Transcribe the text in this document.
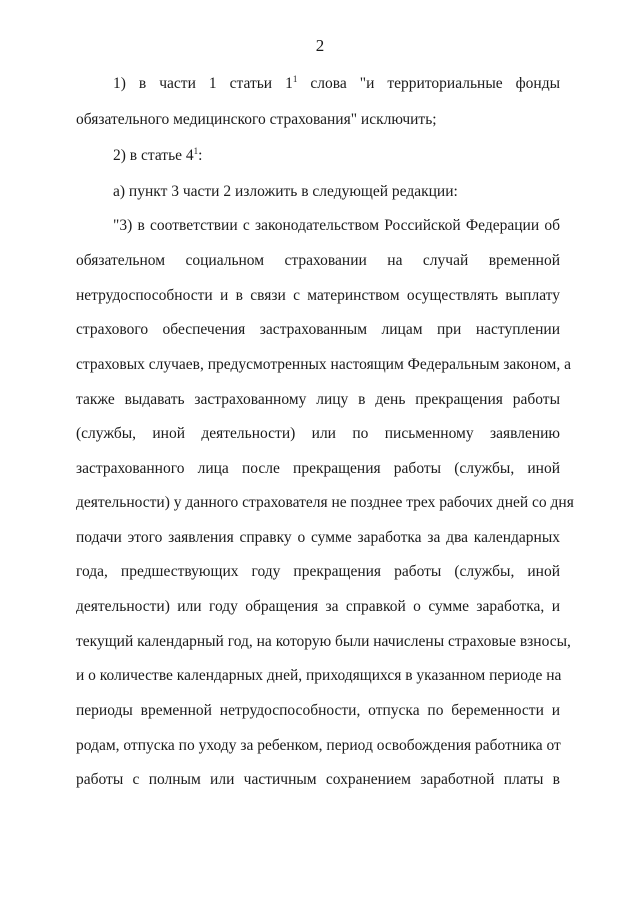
2
1) в части 1 статьи $1^1$ слова "и территориальные фонды
обязательного медицинского страхования" исключить;
2) в статье $4^1$:
а) пункт 3 части 2 изложить в следующей редакции:
"3) в соответствии с законодательством Российской Федерации об
обязательном социальном страховании на случай временной
нетрудоспособности и в связи с материнством осуществлять выплату
страхового обеспечения застрахованным лицам при наступлении
страховых случаев, предусмотренных настоящим Федеральным законом, а
также выдавать застрахованному лицу в день прекращения работы
(службы, иной деятельности) или по письменному заявлению
застрахованного лица после прекращения работы (службы, иной
деятельности) у данного страхователя не позднее трех рабочих дней со дня
подачи этого заявления справку о сумме заработка за два календарных
года, предшествующих году прекращения работы (службы, иной
деятельности) или году обращения за справкой о сумме заработка, и
текущий календарный год, на которую были начислены страховые взносы,
и о количестве календарных дней, приходящихся в указанном периоде на
периоды временной нетрудоспособности, отпуска по беременности и
родам, отпуска по уходу за ребенком, период освобождения работника от
работы с полным или частичным сохранением заработной платы в
